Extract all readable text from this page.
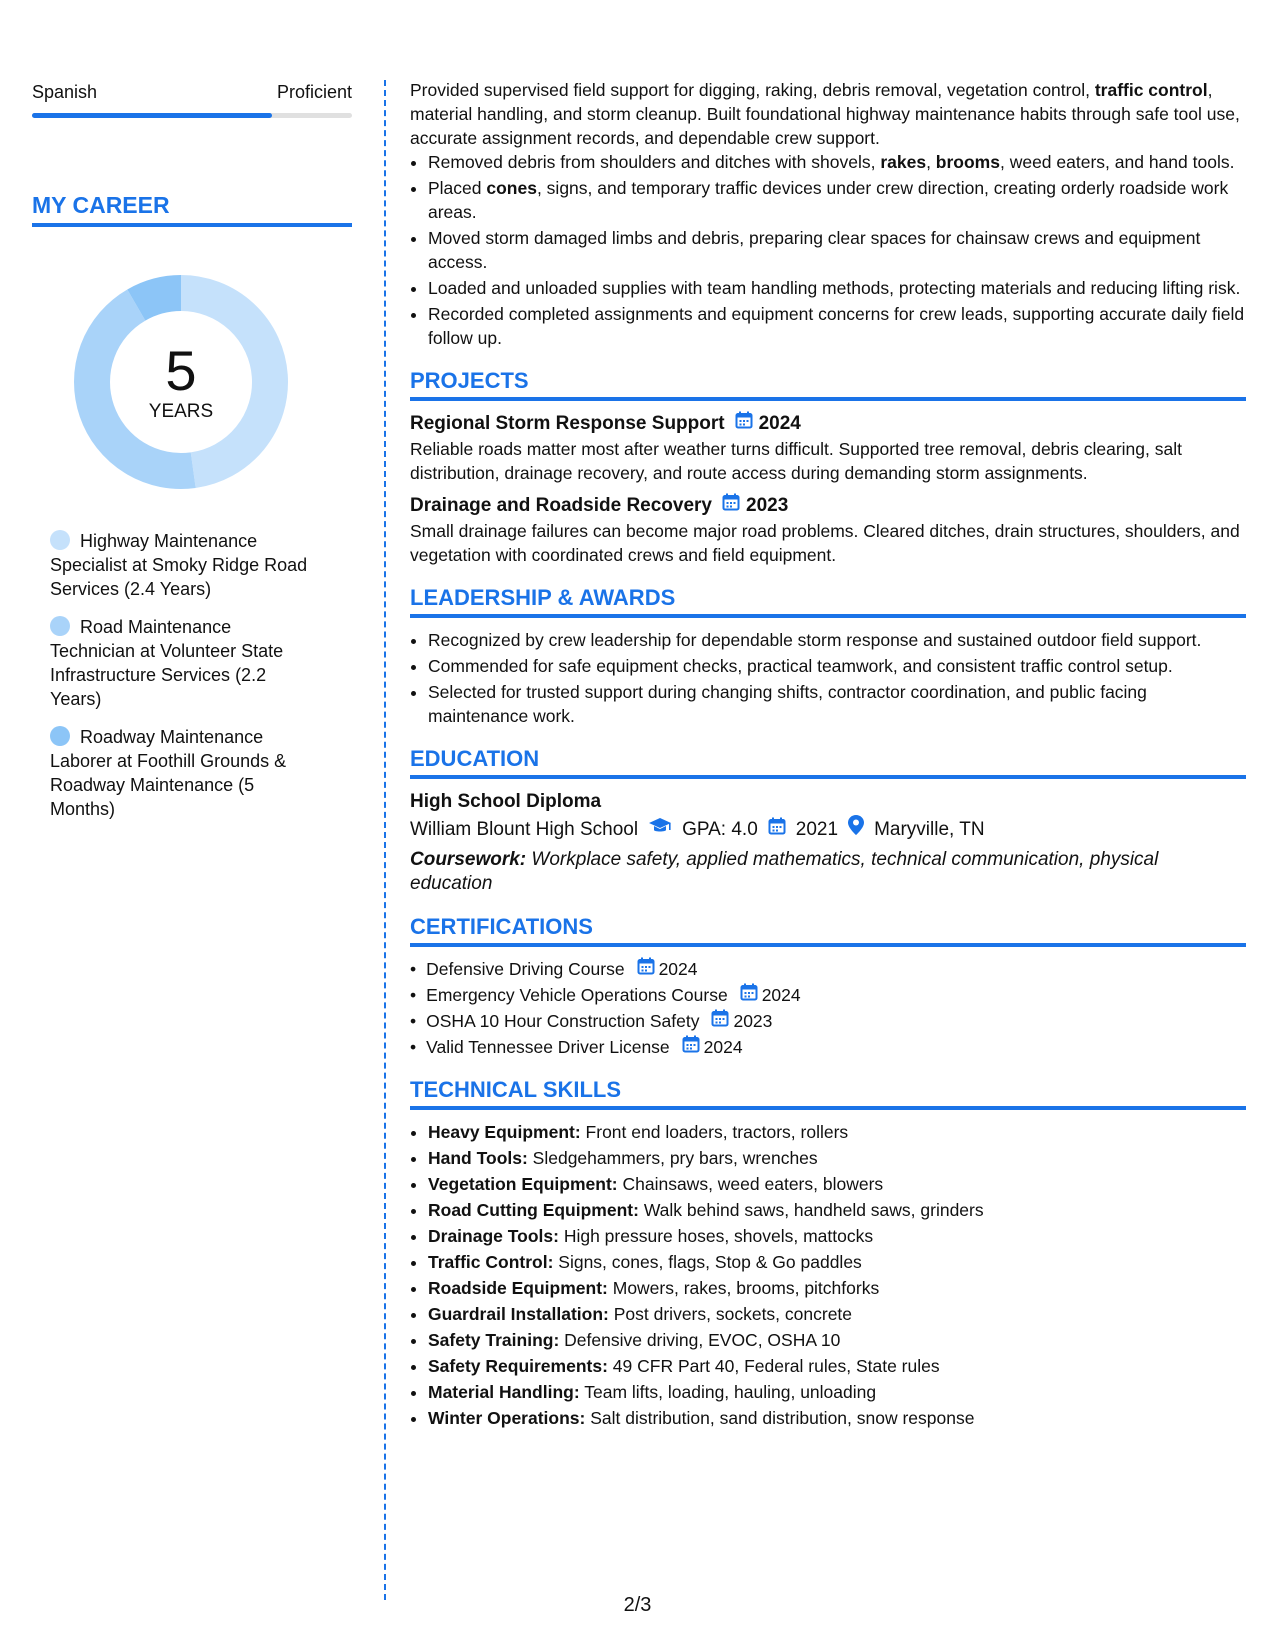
Spanish	Proficient
MY CAREER
5
YEARS
Highway Maintenance Specialist at Smoky Ridge Road Services (2.4 Years)
Road Maintenance Technician at Volunteer State Infrastructure Services (2.2 Years)
Roadway Maintenance Laborer at Foothill Grounds & Roadway Maintenance (5 Months)

Provided supervised field support for digging, raking, debris removal, vegetation control, traffic control, material handling, and storm cleanup. Built foundational highway maintenance habits through safe tool use, accurate assignment records, and dependable crew support.

• Removed debris from shoulders and ditches with shovels, rakes, brooms, weed eaters, and hand tools.
• Placed cones, signs, and temporary traffic devices under crew direction, creating orderly roadside work areas.
• Moved storm damaged limbs and debris, preparing clear spaces for chainsaw crews and equipment access.
• Loaded and unloaded supplies with team handling methods, protecting materials and reducing lifting risk.
• Recorded completed assignments and equipment concerns for crew leads, supporting accurate daily field follow up.
PROJECTS
Regional Storm Response Support 2024
Reliable roads matter most after weather turns difficult. Supported tree removal, debris clearing, salt distribution, drainage recovery, and route access during demanding storm assignments.
Drainage and Roadside Recovery 2023
Small drainage failures can become major road problems. Cleared ditches, drain structures, shoulders, and vegetation with coordinated crews and field equipment.
LEADERSHIP & AWARDS
• Recognized by crew leadership for dependable storm response and sustained outdoor field support.
• Commended for safe equipment checks, practical teamwork, and consistent traffic control setup.
• Selected for trusted support during changing shifts, contractor coordination, and public facing maintenance work.
EDUCATION
High School Diploma
William Blount High School GPA: 4.0 2021 Maryville, TN
Coursework: Workplace safety, applied mathematics, technical communication, physical education
CERTIFICATIONS
• Defensive Driving Course 2024
• Emergency Vehicle Operations Course 2024
• OSHA 10 Hour Construction Safety 2023
• Valid Tennessee Driver License 2024
TECHNICAL SKILLS
• Heavy Equipment: Front end loaders, tractors, rollers
• Hand Tools: Sledgehammers, pry bars, wrenches
• Vegetation Equipment: Chainsaws, weed eaters, blowers
• Road Cutting Equipment: Walk behind saws, handheld saws, grinders
• Drainage Tools: High pressure hoses, shovels, mattocks
• Traffic Control: Signs, cones, flags, Stop & Go paddles
• Roadside Equipment: Mowers, rakes, brooms, pitchforks
• Guardrail Installation: Post drivers, sockets, concrete
• Safety Training: Defensive driving, EVOC, OSHA 10
• Safety Requirements: 49 CFR Part 40, Federal rules, State rules
• Material Handling: Team lifts, loading, hauling, unloading
• Winter Operations: Salt distribution, sand distribution, snow response
2/3
